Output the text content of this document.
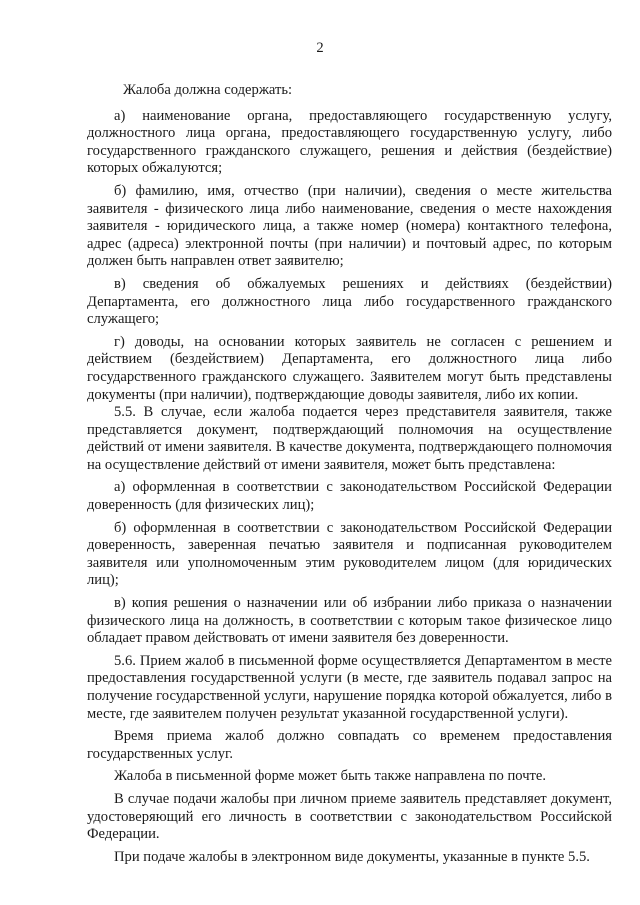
2

Жалоба должна содержать:

а) наименование органа, предоставляющего государственную услугу, должностного лица органа, предоставляющего государственную услугу, либо государственного гражданского служащего, решения и действия (бездействие) которых обжалуются;

б) фамилию, имя, отчество (при наличии), сведения о месте жительства заявителя - физического лица либо наименование, сведения о месте нахождения заявителя - юридического лица, а также номер (номера) контактного телефона, адрес (адреса) электронной почты (при наличии) и почтовый адрес, по которым должен быть направлен ответ заявителю;

в) сведения об обжалуемых решениях и действиях (бездействии) Департамента, его должностного лица либо государственного гражданского служащего;

г) доводы, на основании которых заявитель не согласен с решением и действием (бездействием) Департамента, его должностного лица либо государственного гражданского служащего. Заявителем могут быть представлены документы (при наличии), подтверждающие доводы заявителя, либо их копии.

5.5. В случае, если жалоба подается через представителя заявителя, также представляется документ, подтверждающий полномочия на осуществление действий от имени заявителя. В качестве документа, подтверждающего полномочия на осуществление действий от имени заявителя, может быть представлена:

а) оформленная в соответствии с законодательством Российской Федерации доверенность (для физических лиц);

б) оформленная в соответствии с законодательством Российской Федерации доверенность, заверенная печатью заявителя и подписанная руководителем заявителя или уполномоченным этим руководителем лицом (для юридических лиц);

в) копия решения о назначении или об избрании либо приказа о назначении физического лица на должность, в соответствии с которым такое физическое лицо обладает правом действовать от имени заявителя без доверенности.

5.6. Прием жалоб в письменной форме осуществляется Департаментом в месте предоставления государственной услуги (в месте, где заявитель подавал запрос на получение государственной услуги, нарушение порядка которой обжалуется, либо в месте, где заявителем получен результат указанной государственной услуги).

Время приема жалоб должно совпадать со временем предоставления государственных услуг.

Жалоба в письменной форме может быть также направлена по почте.

В случае подачи жалобы при личном приеме заявитель представляет документ, удостоверяющий его личность в соответствии с законодательством Российской Федерации.

При подаче жалобы в электронном виде документы, указанные в пункте 5.5.
